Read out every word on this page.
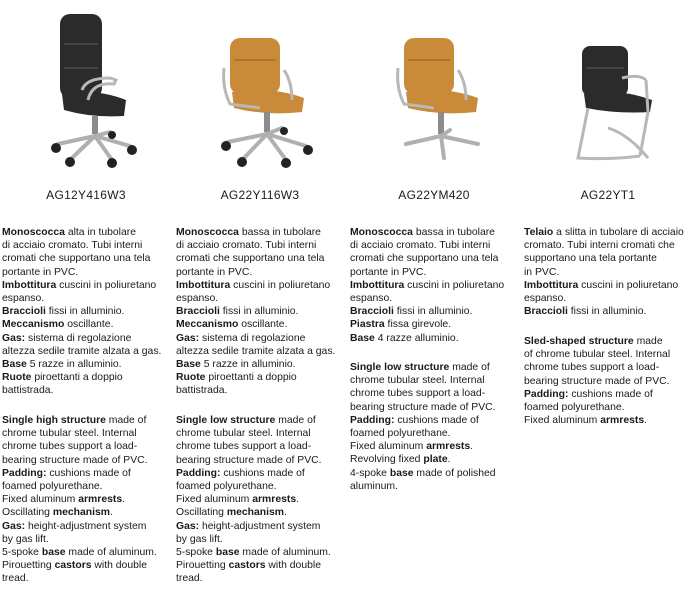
AG12Y416W3

Monoscocca alta in tubolare

di acciaio cromato. Tubi interni

cromati che supportano una tela

portante in PVC.

Imbottitura cuscini in poliuretano

espanso.

Braccioli fissi in alluminio.

Meccanismo oscillante.

Gas: sistema di regolazione

altezza sedile tramite alzata a gas.

Base 5 razze in alluminio.

Ruote piroettanti a doppio

battistrada.

Single high structure made of

chrome tubular steel. Internal

chrome tubes support a load-

bearing structure made of PVC.

Padding: cushions made of

foamed polyurethane.

Fixed aluminum armrests.

Oscillating mechanism.

Gas: height-adjustment system

by gas lift.

5-spoke base made of aluminum.

Pirouetting castors with double

tread.

AG22Y116W3

Monoscocca bassa in tubolare

di acciaio cromato. Tubi interni

cromati che supportano una tela

portante in PVC.

Imbottitura cuscini in poliuretano

espanso.

Braccioli fissi in alluminio.

Meccanismo oscillante.

Gas: sistema di regolazione

altezza sedile tramite alzata a gas.

Base 5 razze in alluminio.

Ruote piroettanti a doppio

battistrada.

Single low structure made of

chrome tubular steel. Internal

chrome tubes support a load-

bearing structure made of PVC.

Padding: cushions made of

foamed polyurethane.

Fixed aluminum armrests.

Oscillating mechanism.

Gas: height-adjustment system

by gas lift.

5-spoke base made of aluminum.

Pirouetting castors with double

tread.

AG22YM420

Monoscocca bassa in tubolare

di acciaio cromato. Tubi interni

cromati che supportano una tela

portante in PVC.

Imbottitura cuscini in poliuretano

espanso.

Braccioli fissi in alluminio.

Piastra fissa girevole.

Base 4 razze alluminio.

Single low structure made of

chrome tubular steel. Internal

chrome tubes support a load-

bearing structure made of PVC.

Padding: cushions made of

foamed polyurethane.

Fixed aluminum armrests.

Revolving fixed plate.

4-spoke base made of polished

aluminum.

AG22YT1

Telaio a slitta in tubolare di acciaio

cromato. Tubi interni cromati che

supportano una tela portante

in PVC.

Imbottitura cuscini in poliuretano

espanso.

Braccioli fissi in alluminio.

Sled-shaped structure made

of chrome tubular steel. Internal

chrome tubes support a load-

bearing structure made of PVC.

Padding: cushions made of

foamed polyurethane.

Fixed aluminum armrests.
